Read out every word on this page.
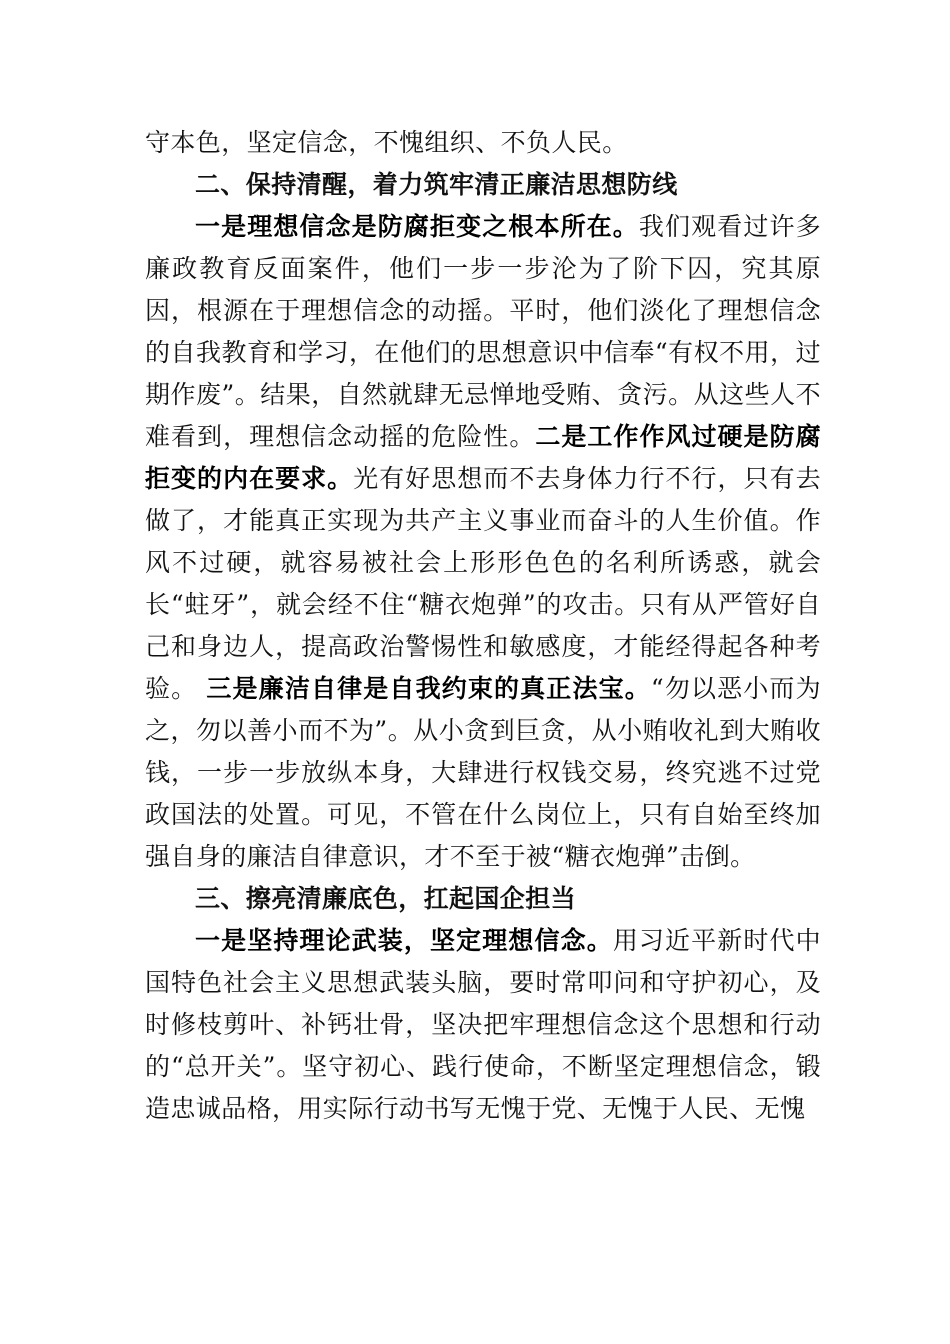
守本色，坚定信念，不愧组织、不负人民。

二、保持清醒，着力筑牢清正廉洁思想防线

一是理想信念是防腐拒变之根本所在。我们观看过许多廉政教育反面案件，他们一步一步沦为了阶下囚，究其原因，根源在于理想信念的动摇。平时，他们淡化了理想信念的自我教育和学习，在他们的思想意识中信奉“有权不用，过期作废”。结果，自然就肆无忌惮地受贿、贪污。从这些人不难看到，理想信念动摇的危险性。二是工作作风过硬是防腐拒变的内在要求。光有好思想而不去身体力行不行，只有去做了，才能真正实现为共产主义事业而奋斗的人生价值。作风不过硬，就容易被社会上形形色色的名利所诱惑，就会长“蛀牙”，就会经不住“糖衣炮弹”的攻击。只有从严管好自己和身边人，提高政治警惕性和敏感度，才能经得起各种考验。 三是廉洁自律是自我约束的真正法宝。“勿以恶小而为之，勿以善小而不为”。从小贪到巨贪，从小贿收礼到大贿收钱，一步一步放纵本身，大肆进行权钱交易，终究逃不过党政国法的处置。可见，不管在什么岗位上，只有自始至终加强自身的廉洁自律意识，才不至于被“糖衣炮弹”击倒。

三、擦亮清廉底色，扛起国企担当

一是坚持理论武装，坚定理想信念。用习近平新时代中国特色社会主义思想武装头脑，要时常叩问和守护初心，及时修枝剪叶、补钙壮骨，坚决把牢理想信念这个思想和行动的“总开关”。坚守初心、践行使命，不断坚定理想信念，锻造忠诚品格，用实际行动书写无愧于党、无愧于人民、无愧
